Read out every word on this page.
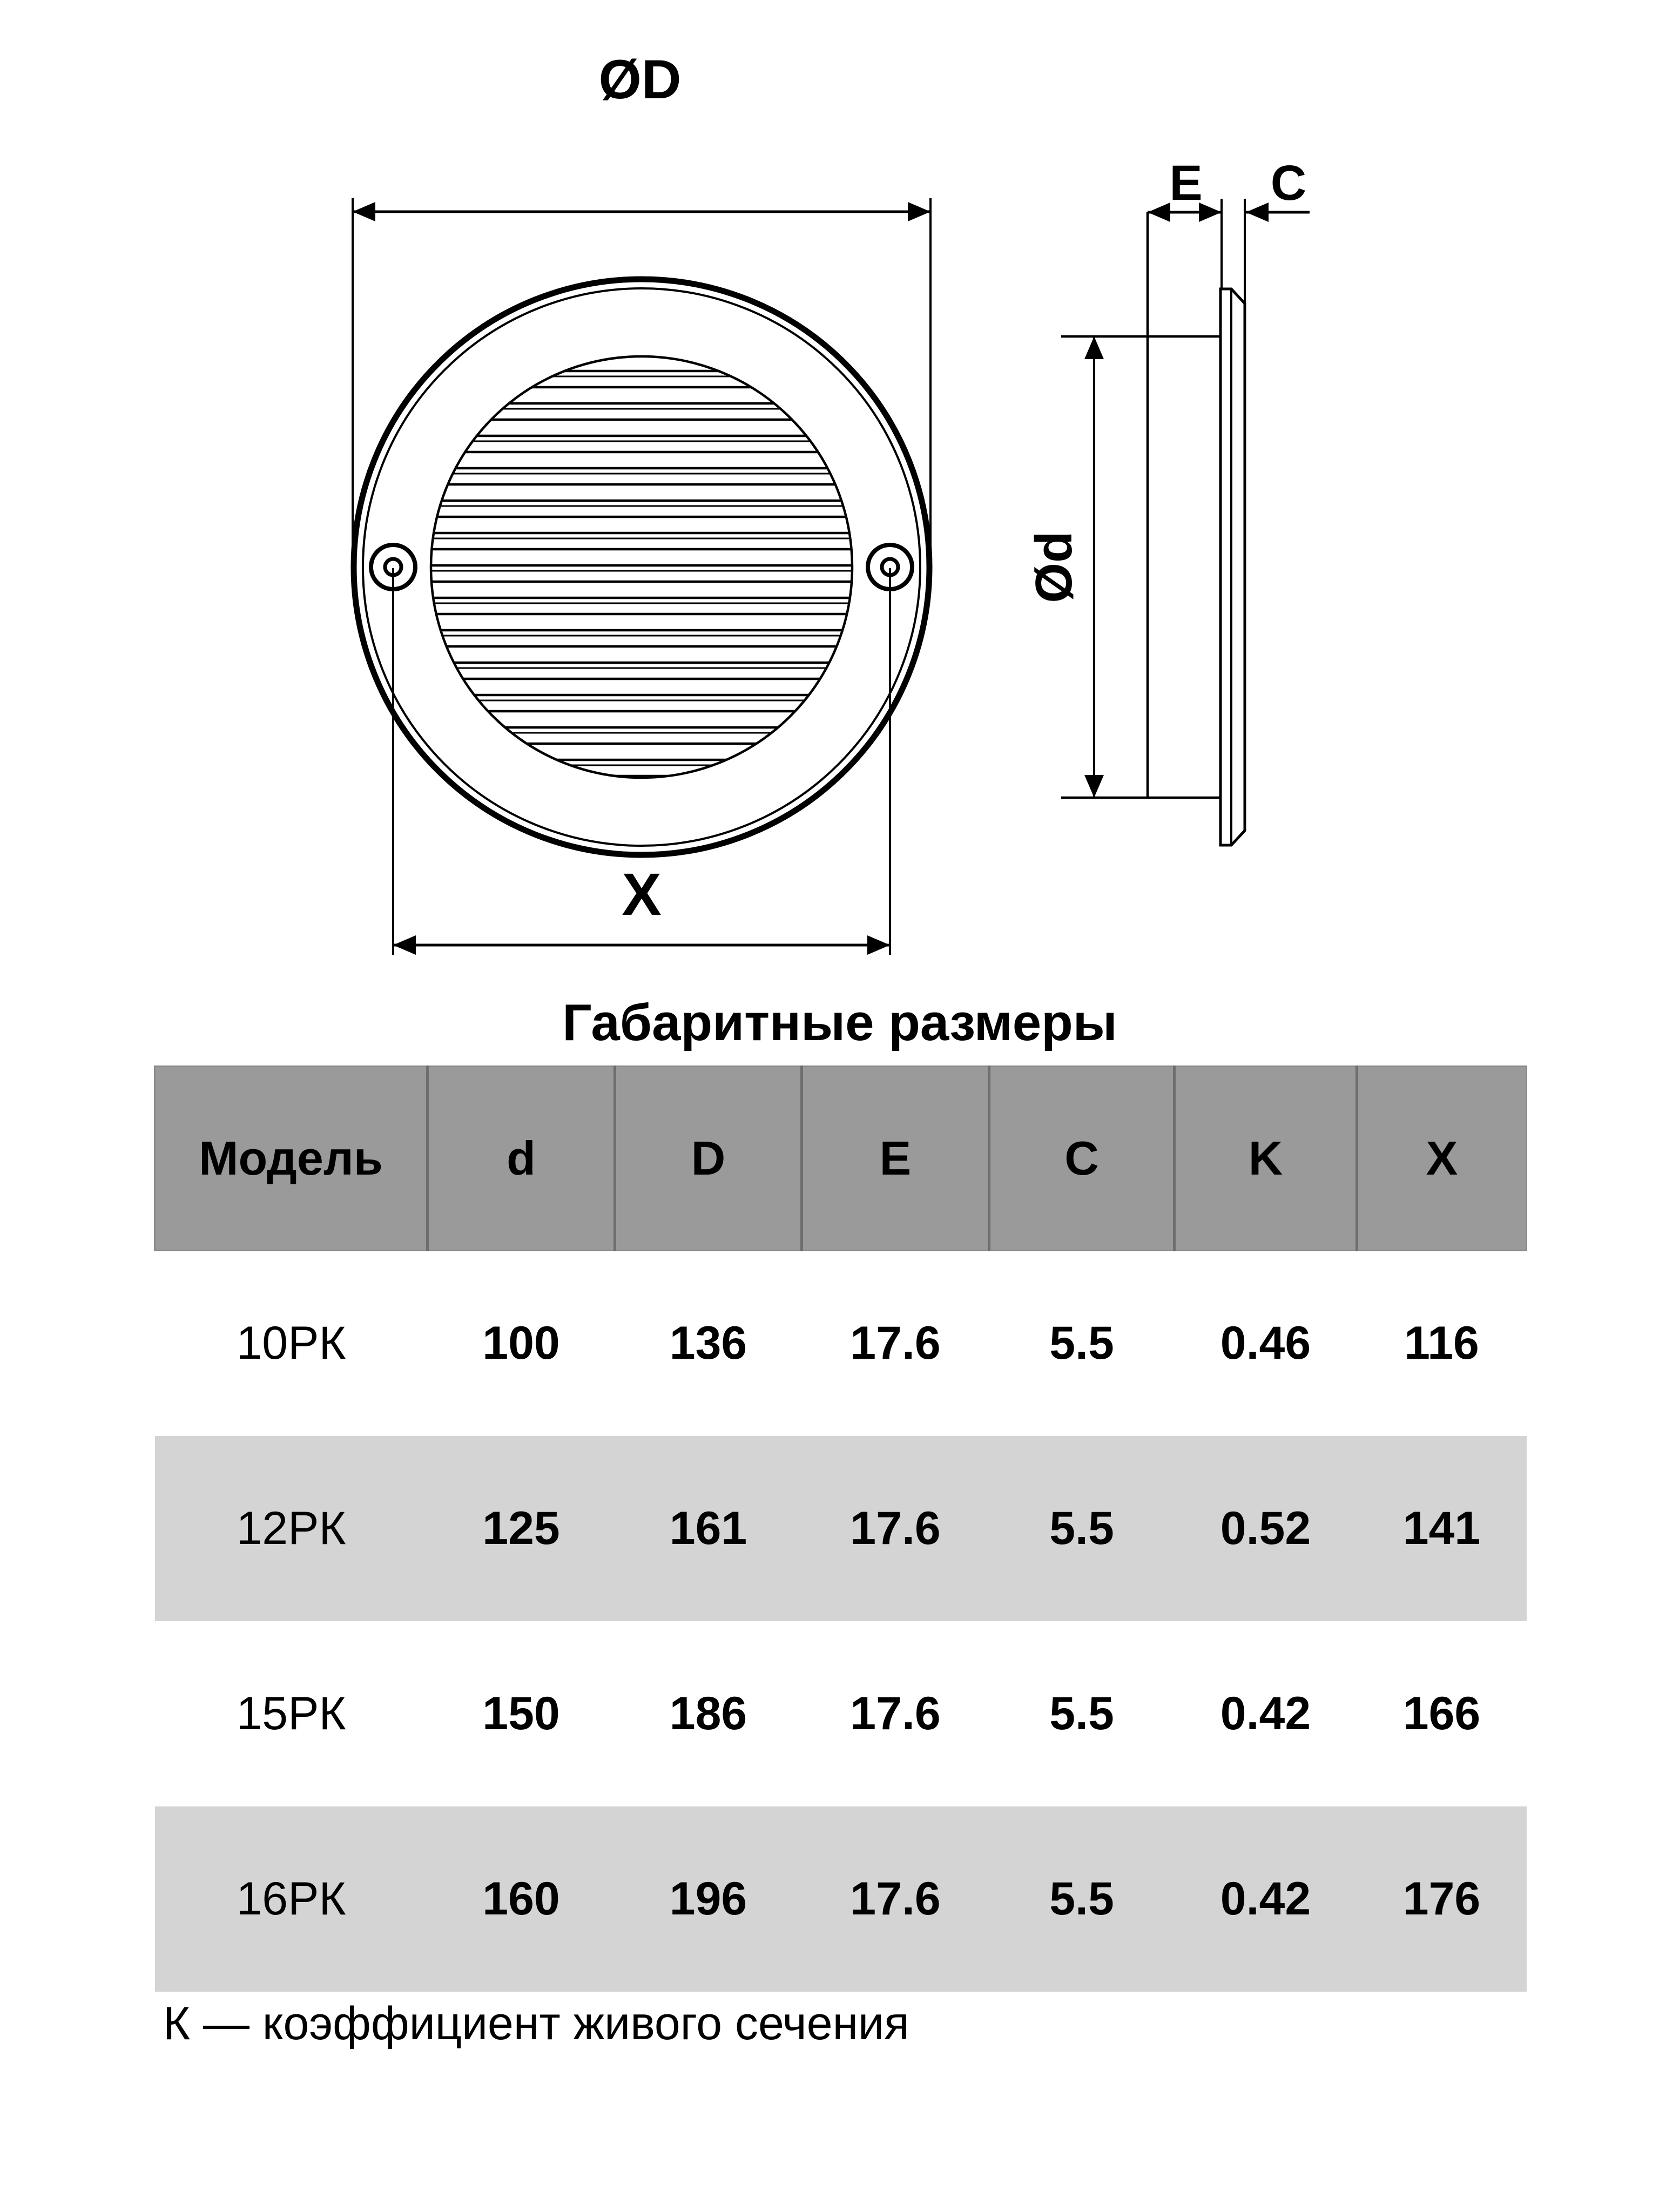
ØD
X
E C
Ød
Габаритные размеры
Модель	d	D	E	C	K	X
10РК	100	136	17.6	5.5	0.46	116
12РК	125	161	17.6	5.5	0.52	141
15РК	150	186	17.6	5.5	0.42	166
16РК	160	196	17.6	5.5	0.42	176
К — коэффициент живого сечения
